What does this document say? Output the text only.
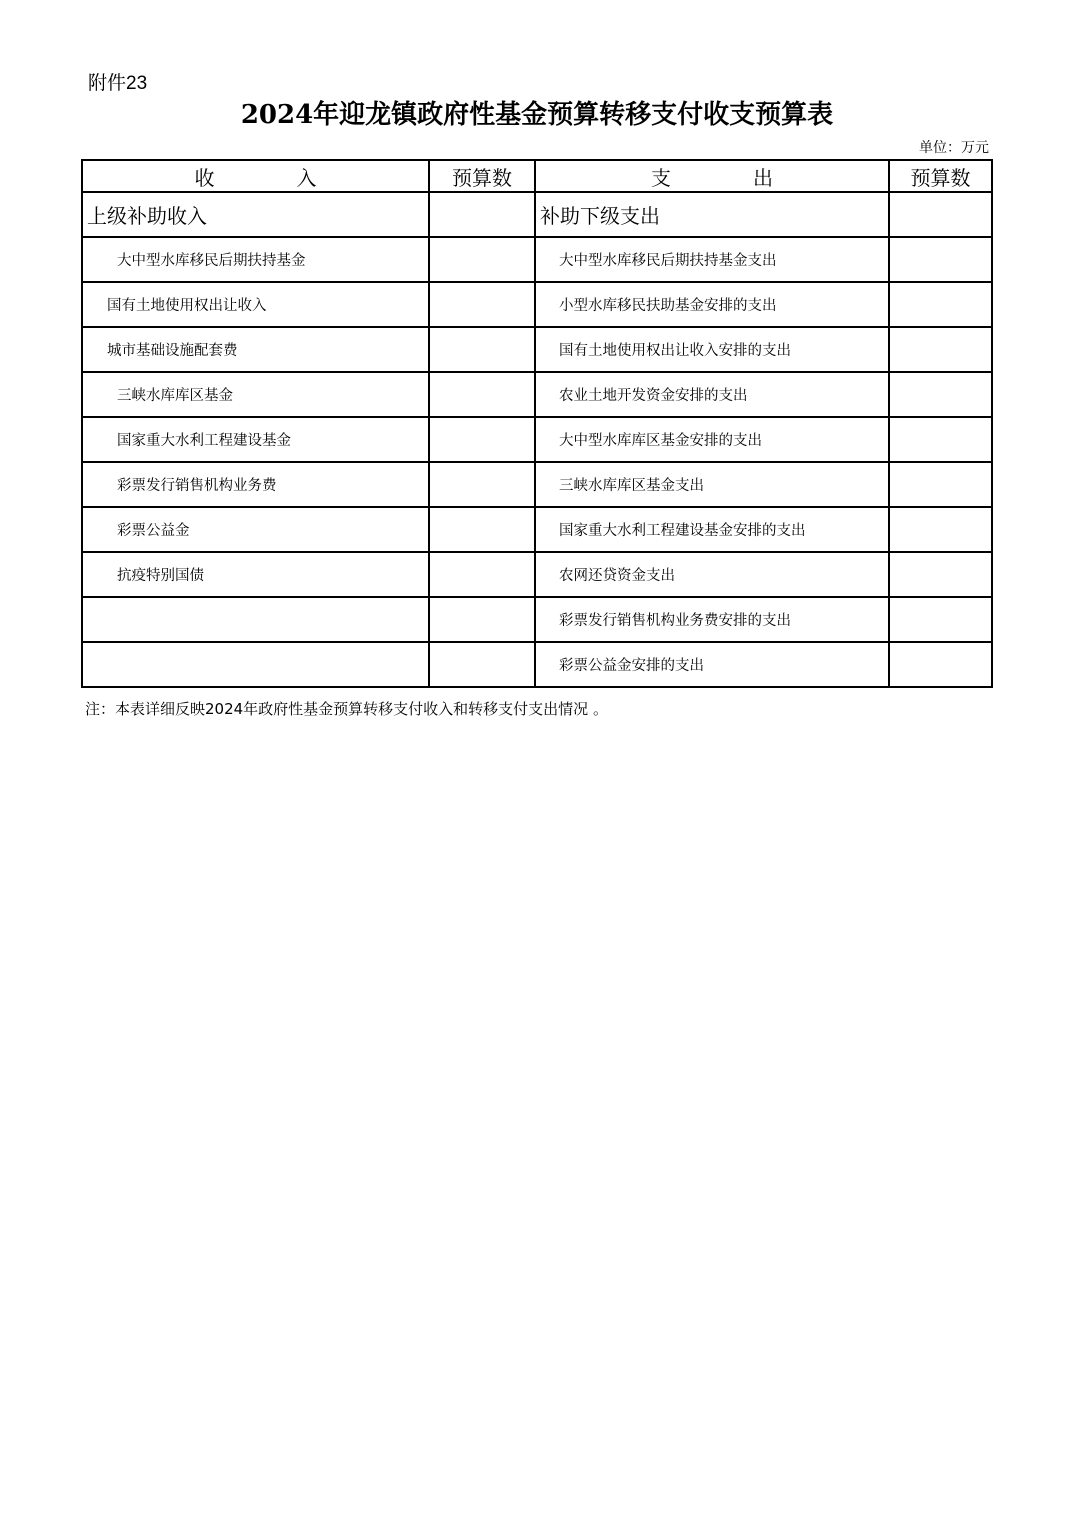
附件23
2024年迎龙镇政府性基金预算转移支付收支预算表
单位：万元
收 入	预算数	支 出	预算数
上级补助收入		补助下级支出	
大中型水库移民后期扶持基金		大中型水库移民后期扶持基金支出	
国有土地使用权出让收入		小型水库移民扶助基金安排的支出	
城市基础设施配套费		国有土地使用权出让收入安排的支出	
三峡水库库区基金		农业土地开发资金安排的支出	
国家重大水利工程建设基金		大中型水库库区基金安排的支出	
彩票发行销售机构业务费		三峡水库库区基金支出	
彩票公益金		国家重大水利工程建设基金安排的支出	
抗疫特别国债		农网还贷资金支出	
		彩票发行销售机构业务费安排的支出	
		彩票公益金安排的支出	
注：本表详细反映2024年政府性基金预算转移支付收入和转移支付支出情况 。
